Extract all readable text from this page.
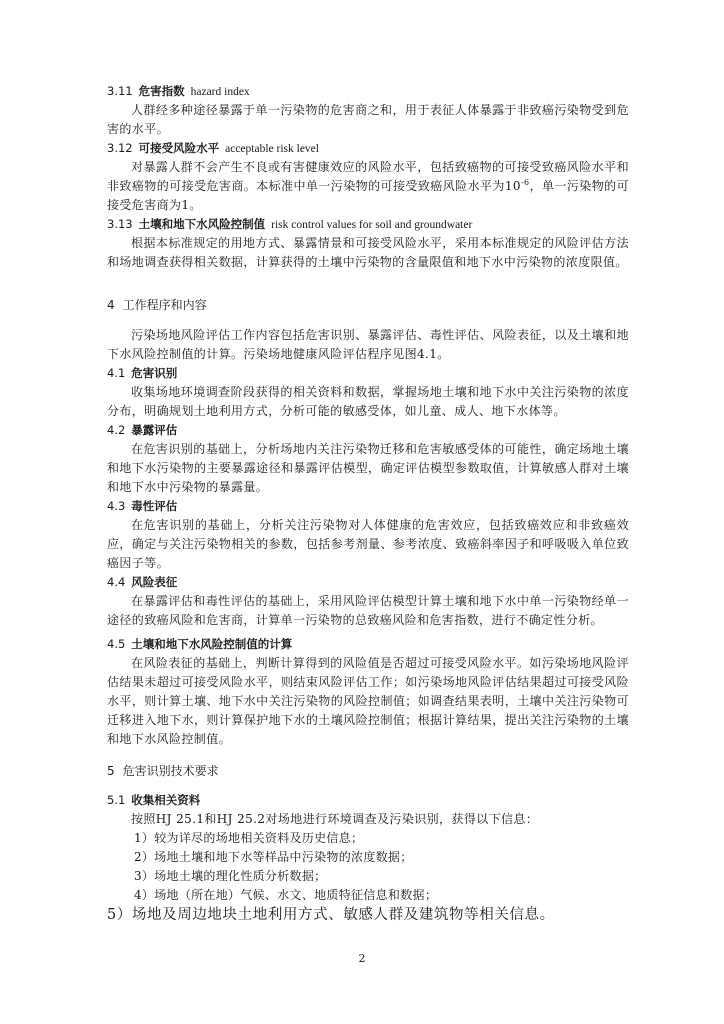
3.11 危害指数 hazard index
人群经多种途径暴露于单一污染物的危害商之和，用于表征人体暴露于非致癌污染物受到危害的水平。
3.12 可接受风险水平 acceptable risk level
对暴露人群不会产生不良或有害健康效应的风险水平，包括致癌物的可接受致癌风险水平和非致癌物的可接受危害商。本标准中单一污染物的可接受致癌风险水平为$10^{-6}$，单一污染物的可接受危害商为1。
3.13 土壤和地下水风险控制值 risk control values for soil and groundwater
根据本标准规定的用地方式、暴露情景和可接受风险水平，采用本标准规定的风险评估方法和场地调查获得相关数据，计算获得的土壤中污染物的含量限值和地下水中污染物的浓度限值。
4 工作程序和内容
污染场地风险评估工作内容包括危害识别、暴露评估、毒性评估、风险表征，以及土壤和地下水风险控制值的计算。污染场地健康风险评估程序见图4.1。
4.1 危害识别
收集场地环境调查阶段获得的相关资料和数据，掌握场地土壤和地下水中关注污染物的浓度分布，明确规划土地利用方式，分析可能的敏感受体，如儿童、成人、地下水体等。
4.2 暴露评估
在危害识别的基础上，分析场地内关注污染物迁移和危害敏感受体的可能性，确定场地土壤和地下水污染物的主要暴露途径和暴露评估模型，确定评估模型参数取值，计算敏感人群对土壤和地下水中污染物的暴露量。
4.3 毒性评估
在危害识别的基础上，分析关注污染物对人体健康的危害效应，包括致癌效应和非致癌效应，确定与关注污染物相关的参数，包括参考剂量、参考浓度、致癌斜率因子和呼吸吸入单位致癌因子等。
4.4 风险表征
在暴露评估和毒性评估的基础上，采用风险评估模型计算土壤和地下水中单一污染物经单一途径的致癌风险和危害商，计算单一污染物的总致癌风险和危害指数，进行不确定性分析。
4.5 土壤和地下水风险控制值的计算
在风险表征的基础上，判断计算得到的风险值是否超过可接受风险水平。如污染场地风险评估结果未超过可接受风险水平，则结束风险评估工作；如污染场地风险评估结果超过可接受风险水平，则计算土壤、地下水中关注污染物的风险控制值；如调查结果表明，土壤中关注污染物可迁移进入地下水，则计算保护地下水的土壤风险控制值；根据计算结果，提出关注污染物的土壤和地下水风险控制值。
5 危害识别技术要求
5.1 收集相关资料
按照HJ 25.1和HJ 25.2对场地进行环境调查及污染识别，获得以下信息：
1）较为详尽的场地相关资料及历史信息；
2）场地土壤和地下水等样品中污染物的浓度数据；
3）场地土壤的理化性质分析数据；
4）场地（所在地）气候、水文、地质特征信息和数据；
5）场地及周边地块土地利用方式、敏感人群及建筑物等相关信息。
2
